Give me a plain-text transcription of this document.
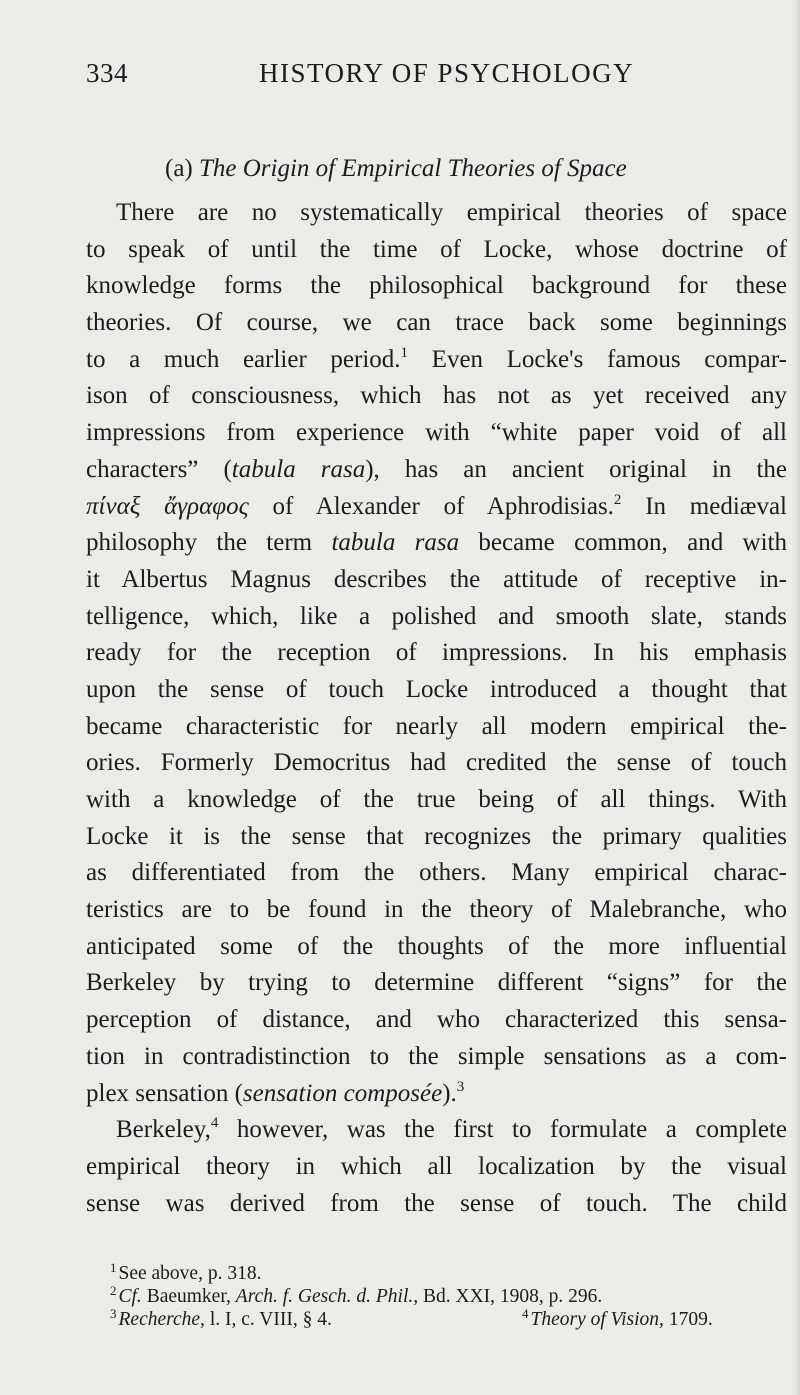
334	HISTORY OF PSYCHOLOGY
(a) The Origin of Empirical Theories of Space
There are no systematically empirical theories of space
to speak of until the time of Locke, whose doctrine of
knowledge forms the philosophical background for these
theories. Of course, we can trace back some beginnings
to a much earlier period.$^1$ Even Locke's famous compar-
ison of consciousness, which has not as yet received any
impressions from experience with “white paper void of all
characters” (tabula rasa), has an ancient original in the
πίναξ ἄγραφος of Alexander of Aphrodisias.$^2$ In mediæval
philosophy the term tabula rasa became common, and with
it Albertus Magnus describes the attitude of receptive in-
telligence, which, like a polished and smooth slate, stands
ready for the reception of impressions. In his emphasis
upon the sense of touch Locke introduced a thought that
became characteristic for nearly all modern empirical the-
ories. Formerly Democritus had credited the sense of touch
with a knowledge of the true being of all things. With
Locke it is the sense that recognizes the primary qualities
as differentiated from the others. Many empirical charac-
teristics are to be found in the theory of Malebranche, who
anticipated some of the thoughts of the more influential
Berkeley by trying to determine different “signs” for the
perception of distance, and who characterized this sensa-
tion in contradistinction to the simple sensations as a com-
plex sensation (sensation composée).$^3$
Berkeley,$^4$ however, was the first to formulate a complete
empirical theory in which all localization by the visual
sense was derived from the sense of touch. The child
$^1$ See above, p. 318.
$^2$ Cf. Baeumker, Arch. f. Gesch. d. Phil., Bd. XXI, 1908, p. 296.
$^3$ Recherche, l. I, c. VIII, § 4.	$^4$ Theory of Vision, 1709.
